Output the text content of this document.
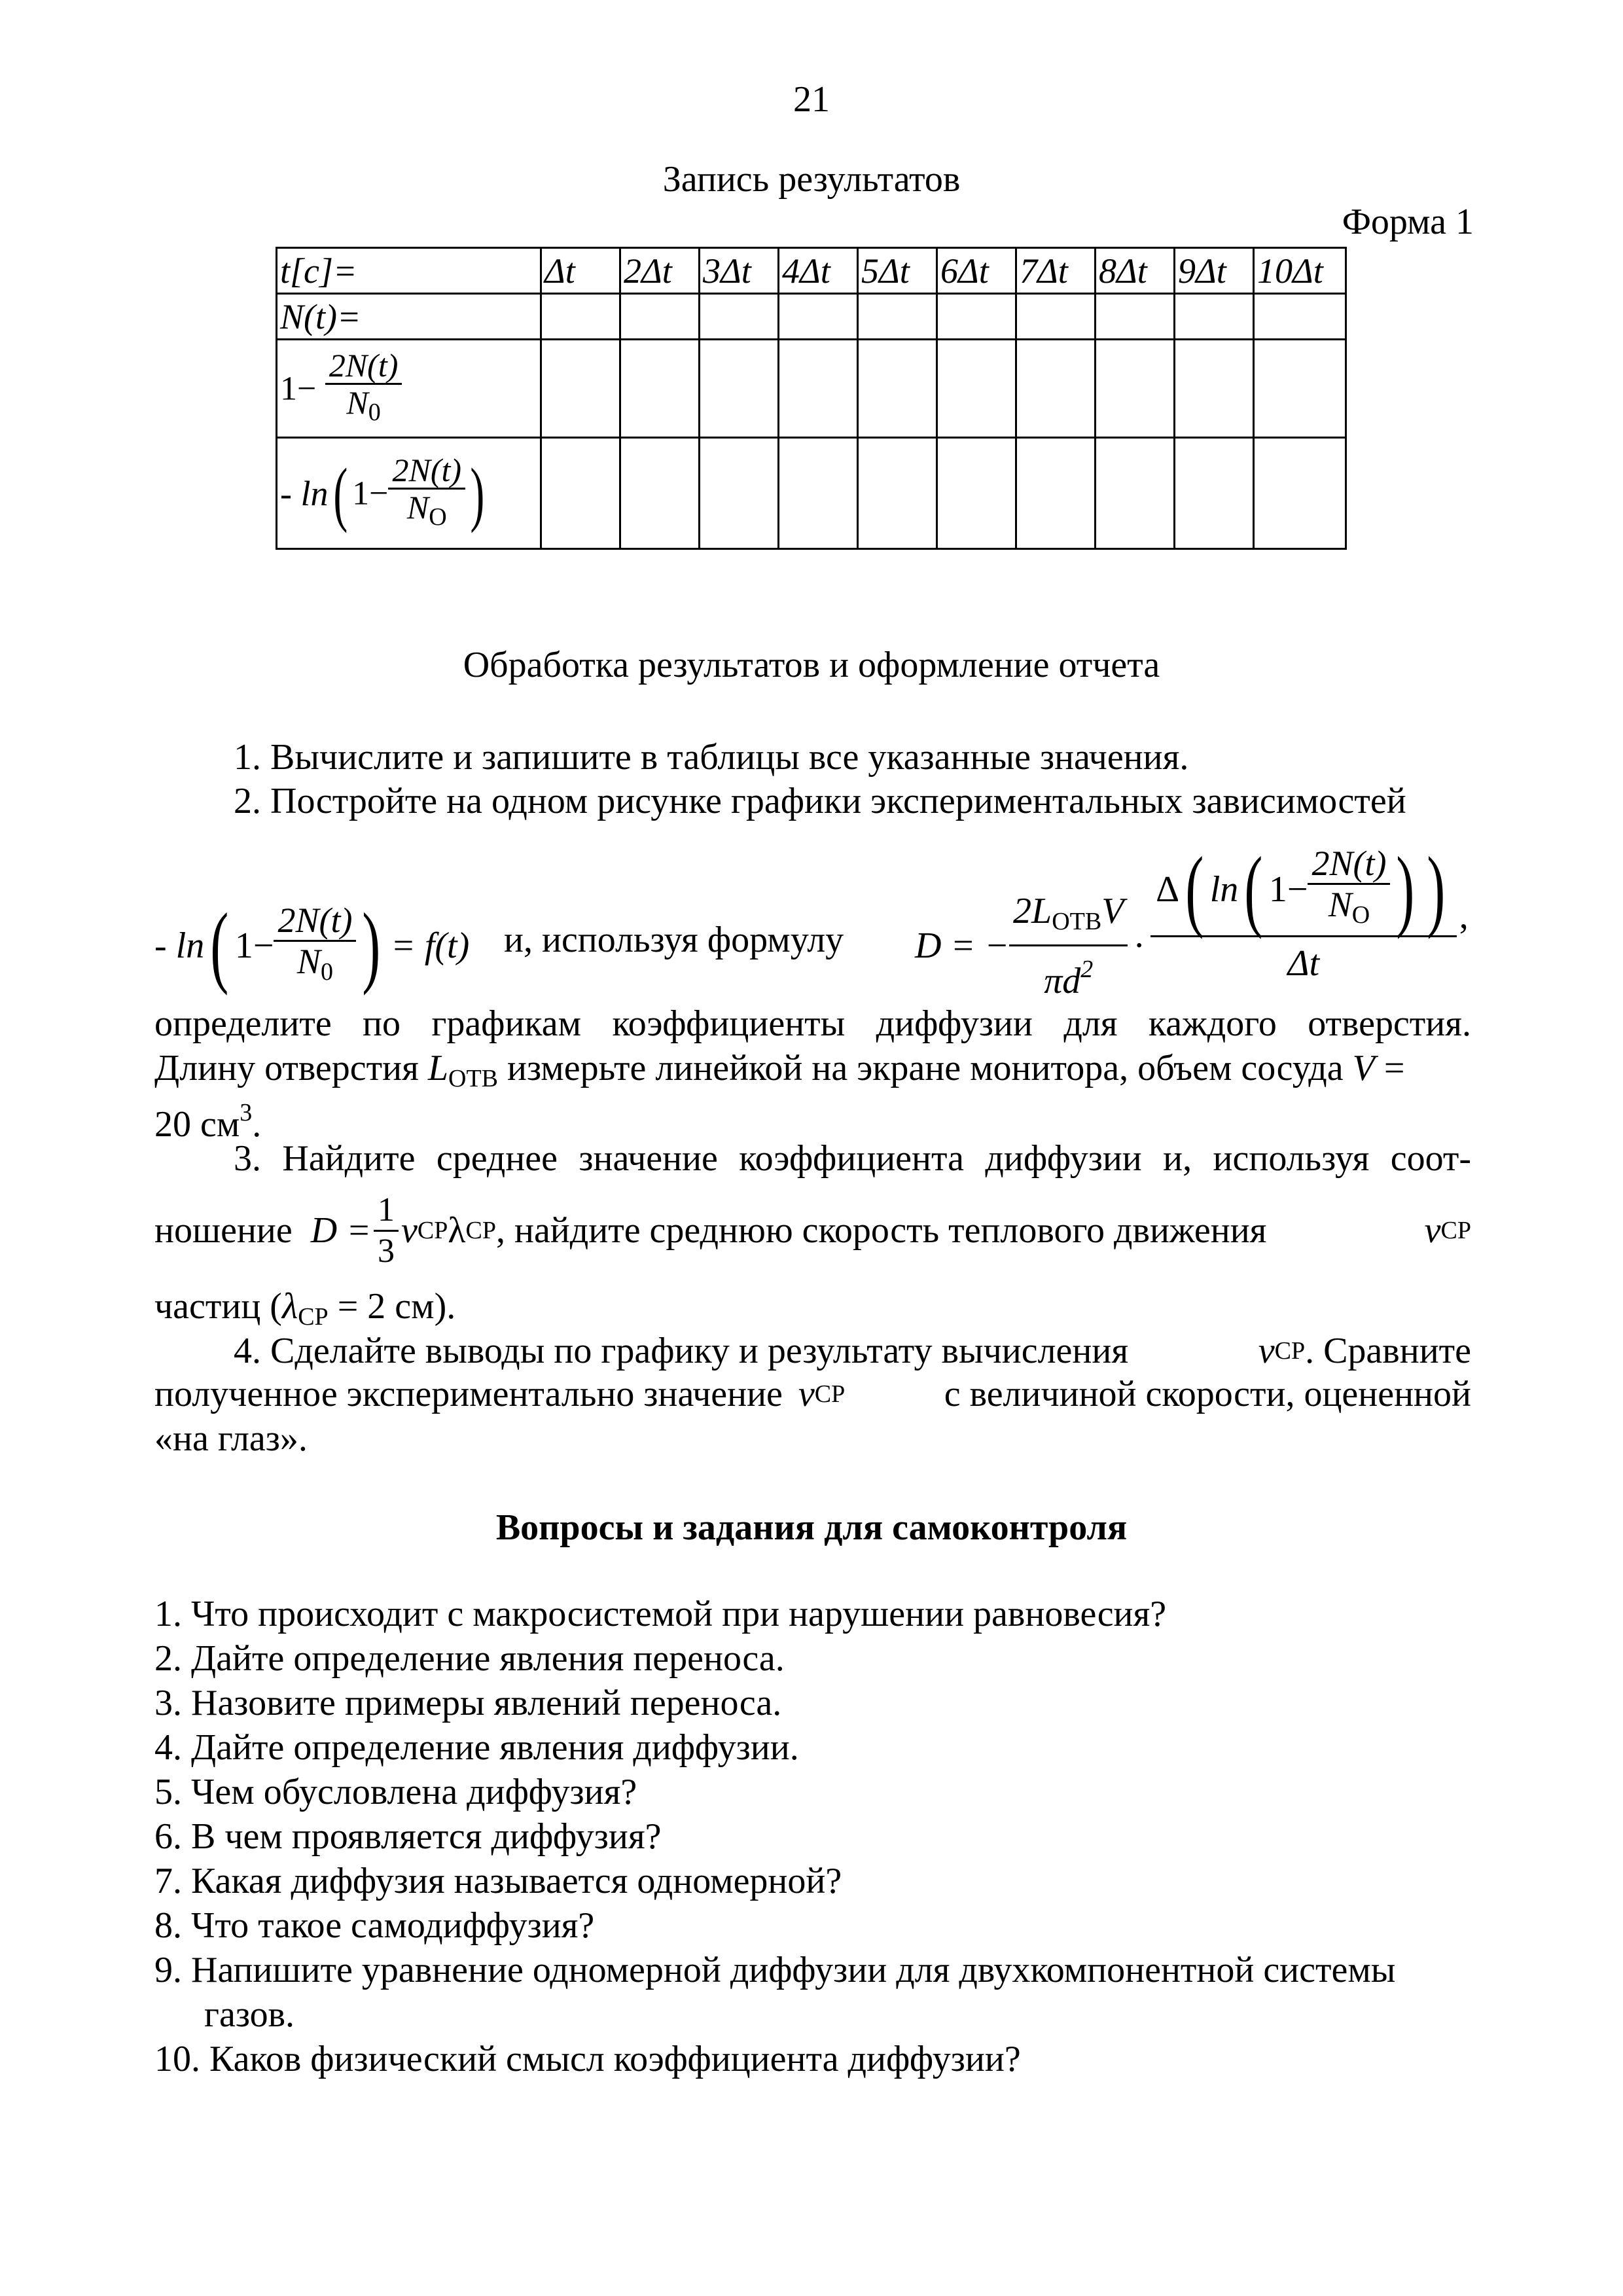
21
Запись результатов
Форма 1
t[c]=	Δt	2Δt	3Δt	4Δt	5Δt	6Δt	7Δt	8Δt	9Δt	10Δt
N(t)=										
$1- \frac{2N(t)}{N_0}$

- ln( $1- \frac{2N(t)}{N_O}$ )										
Обработка результатов и оформление отчета
1. Вычислите и запишите в таблицы все указанные значения.
2. Постройте на одном рисунке графики экспериментальных зависимостей
- ln ( $1- \frac{2N(t)}{N_0}$ ) = f(t) и, используя формулу D = − $\frac{2L_{ОТВ}V}{\pi d^2}$ ·
Δ ( ln ( $1- \frac{2N(t)}{N_O}$ ) )
Δt
,
определите по графикам коэффициенты диффузии для каждого отверстия.
Длину отверстия $L_{ОТВ}$ измерьте линейкой на экране монитора, объем сосуда V =
20 $см^3$.
3. Найдите среднее значение коэффициента диффузии и, используя соот-
ношение $D = \frac{1}{3}$ v CP λ CP , найдите среднюю скорость теплового движения	v CP
частиц ($\lambda_{СР} = 2$ см).
4. Сделайте выводы по графику и результату вычисления	v CP . Сравните
полученное экспериментально значение v CP	с величиной скорости, оцененной
«на глаз».
Вопросы и задания для самоконтроля
1. Что происходит с макросистемой при нарушении равновесия?
2. Дайте определение явления переноса.
3. Назовите примеры явлений переноса.
4. Дайте определение явления диффузии.
5. Чем обусловлена диффузия?
6. В чем проявляется диффузия?
7. Какая диффузия называется одномерной?
8. Что такое самодиффузия?
9. Напишите уравнение одномерной диффузии для двухкомпонентной системы
газов.
10. Каков физический смысл коэффициента диффузии?
